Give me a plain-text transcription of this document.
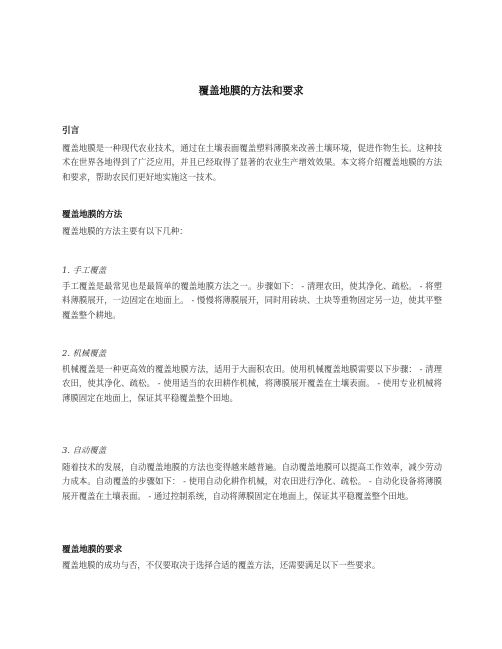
覆盖地膜的方法和要求
引言
覆盖地膜是一种现代农业技术，通过在土壤表面覆盖塑料薄膜来改善土壤环境，促进作物生长。这种技术在世界各地得到了广泛应用，并且已经取得了显著的农业生产增效效果。本文将介绍覆盖地膜的方法和要求，帮助农民们更好地实施这一技术。
覆盖地膜的方法
覆盖地膜的方法主要有以下几种：
1. 手工覆盖
手工覆盖是最常见也是最简单的覆盖地膜方法之一。步骤如下： - 清理农田，使其净化、疏松。 - 将塑料薄膜展开，一边固定在地面上。 - 慢慢将薄膜展开，同时用砖块、土块等重物固定另一边，使其平整覆盖整个耕地。
2. 机械覆盖
机械覆盖是一种更高效的覆盖地膜方法，适用于大面积农田。使用机械覆盖地膜需要以下步骤： - 清理农田，使其净化、疏松。 - 使用适当的农田耕作机械，将薄膜展开覆盖在土壤表面。 - 使用专业机械将薄膜固定在地面上，保证其平稳覆盖整个田地。
3. 自动覆盖
随着技术的发展，自动覆盖地膜的方法也变得越来越普遍。自动覆盖地膜可以提高工作效率，减少劳动力成本。自动覆盖的步骤如下： - 使用自动化耕作机械，对农田进行净化、疏松。 - 自动化设备将薄膜展开覆盖在土壤表面。 - 通过控制系统，自动将薄膜固定在地面上，保证其平稳覆盖整个田地。
覆盖地膜的要求
覆盖地膜的成功与否，不仅要取决于选择合适的覆盖方法，还需要满足以下一些要求。
